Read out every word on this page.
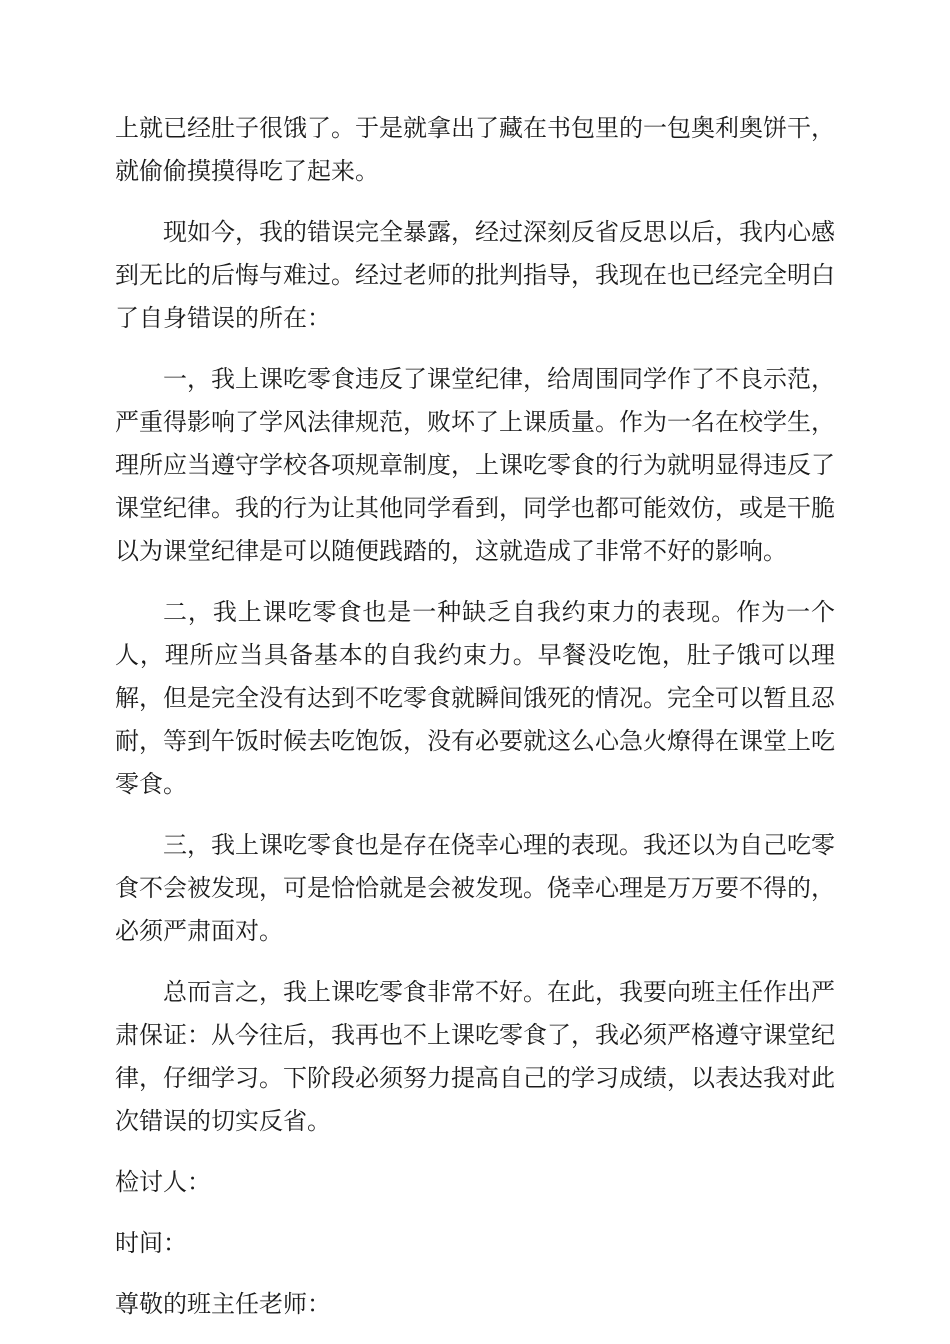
上就已经肚子很饿了。于是就拿出了藏在书包里的一包奥利奥饼干，就偷偷摸摸得吃了起来。

现如今，我的错误完全暴露，经过深刻反省反思以后，我内心感到无比的后悔与难过。经过老师的批判指导，我现在也已经完全明白了自身错误的所在：

一，我上课吃零食违反了课堂纪律，给周围同学作了不良示范，严重得影响了学风法律规范，败坏了上课质量。作为一名在校学生，理所应当遵守学校各项规章制度，上课吃零食的行为就明显得违反了课堂纪律。我的行为让其他同学看到，同学也都可能效仿，或是干脆以为课堂纪律是可以随便践踏的，这就造成了非常不好的影响。

二，我上课吃零食也是一种缺乏自我约束力的表现。作为一个人，理所应当具备基本的自我约束力。早餐没吃饱，肚子饿可以理解，但是完全没有达到不吃零食就瞬间饿死的情况。完全可以暂且忍耐，等到午饭时候去吃饱饭，没有必要就这么心急火燎得在课堂上吃零食。

三，我上课吃零食也是存在侥幸心理的表现。我还以为自己吃零食不会被发现，可是恰恰就是会被发现。侥幸心理是万万要不得的，必须严肃面对。

总而言之，我上课吃零食非常不好。在此，我要向班主任作出严肃保证：从今往后，我再也不上课吃零食了，我必须严格遵守课堂纪律，仔细学习。下阶段必须努力提高自己的学习成绩，以表达我对此次错误的切实反省。

检讨人：

时间：

尊敬的班主任老师：
